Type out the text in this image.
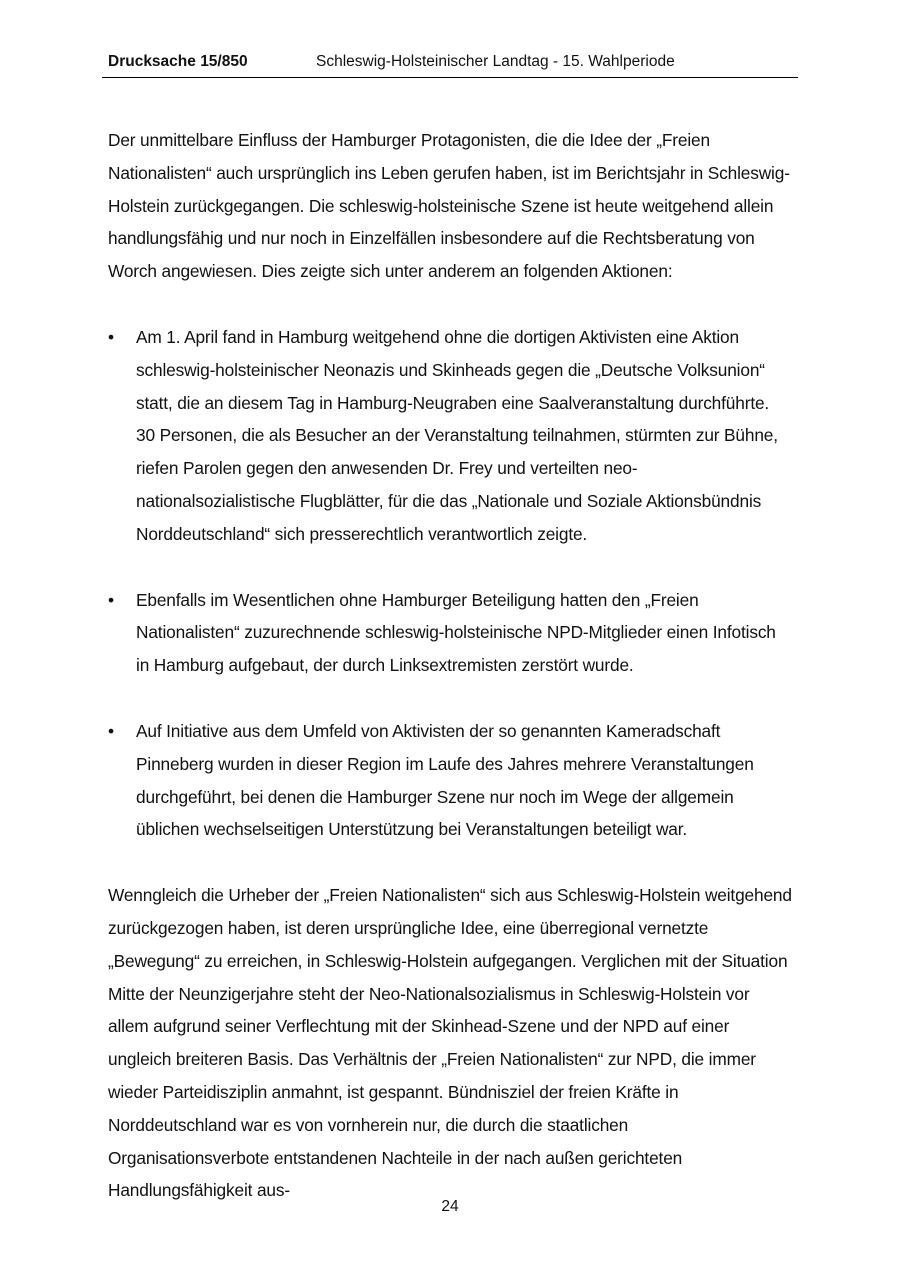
Drucksache 15/850	Schleswig-Holsteinischer Landtag - 15. Wahlperiode

Der unmittelbare Einfluss der Hamburger Protagonisten, die die Idee der „Freien Nationalisten“ auch ursprünglich ins Leben gerufen haben, ist im Berichtsjahr in Schleswig-Holstein zurückgegangen. Die schleswig-holsteinische Szene ist heute weitgehend allein handlungsfähig und nur noch in Einzelfällen insbesondere auf die Rechtsberatung von Worch angewiesen. Dies zeigte sich unter anderem an folgenden Aktionen:

• Am 1. April fand in Hamburg weitgehend ohne die dortigen Aktivisten eine Aktion schleswig-holsteinischer Neonazis und Skinheads gegen die „Deutsche Volksunion“ statt, die an diesem Tag in Hamburg-Neugraben eine Saalveranstaltung durchführte. 30 Personen, die als Besucher an der Veranstaltung teilnahmen, stürmten zur Bühne, riefen Parolen gegen den anwesenden Dr. Frey und verteilten neo-nationalsozialistische Flugblätter, für die das „Nationale und Soziale Aktionsbündnis Norddeutschland“ sich presserechtlich verantwortlich zeigte.
• Ebenfalls im Wesentlichen ohne Hamburger Beteiligung hatten den „Freien Nationalisten“ zuzurechnende schleswig-holsteinische NPD-Mitglieder einen Infotisch in Hamburg aufgebaut, der durch Linksextremisten zerstört wurde.
• Auf Initiative aus dem Umfeld von Aktivisten der so genannten Kameradschaft Pinneberg wurden in dieser Region im Laufe des Jahres mehrere Veranstaltungen durchgeführt, bei denen die Hamburger Szene nur noch im Wege der allgemein üblichen wechselseitigen Unterstützung bei Veranstaltungen beteiligt war.

Wenngleich die Urheber der „Freien Nationalisten“ sich aus Schleswig-Holstein weitgehend zurückgezogen haben, ist deren ursprüngliche Idee, eine überregional vernetzte „Bewegung“ zu erreichen, in Schleswig-Holstein aufgegangen. Verglichen mit der Situation Mitte der Neunzigerjahre steht der Neo-Nationalsozialismus in Schleswig-Holstein vor allem aufgrund seiner Verflechtung mit der Skinhead-Szene und der NPD auf einer ungleich breiteren Basis. Das Verhältnis der „Freien Nationalisten“ zur NPD, die immer wieder Parteidisziplin anmahnt, ist gespannt. Bündnisziel der freien Kräfte in Norddeutschland war es von vornherein nur, die durch die staatlichen Organisationsverbote entstandenen Nachteile in der nach außen gerichteten Handlungsfähigkeit aus-

24
